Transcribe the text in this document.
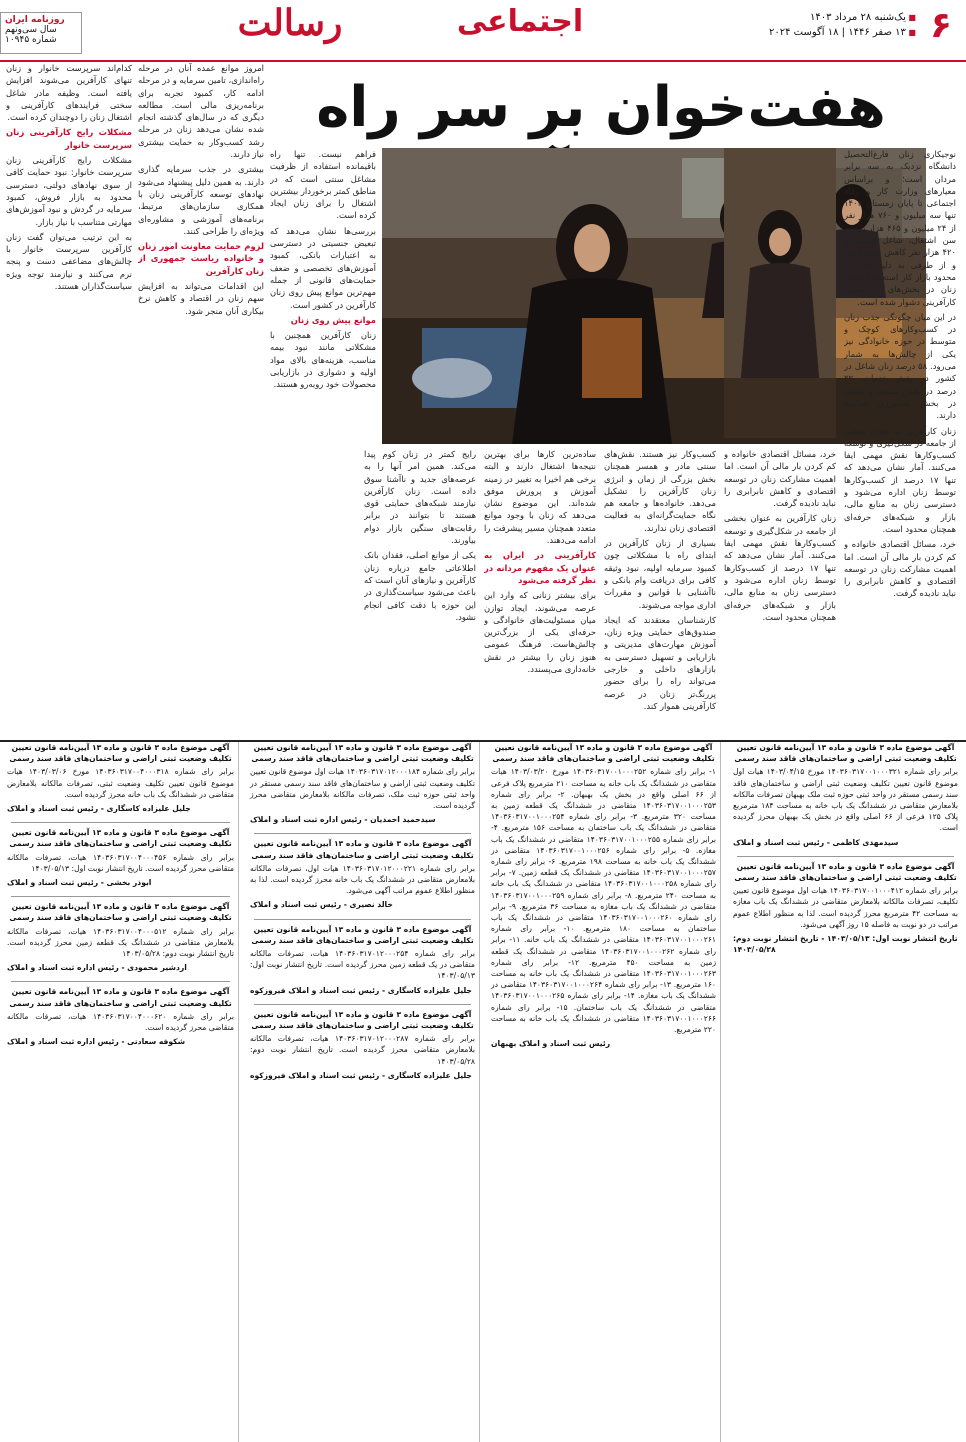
۶
■ یک‌شنبه ۲۸ مرداد ۱۴۰۳
■ ۱۳ صفر ۱۴۴۶ | ۱۸ آگوست ۲۰۲۴
اجتماعی
رسالت
روزنامه ایران
سال سی‌ونهم
شماره ۱۰۹۴۵
هفت‌خوان بر سر راه

نوجیکاری زنان فارغ‌التحصیل دانشگاه نزدیک به سه برابر مردان است؛ و براساس معیارهای وزارت کار و رفاه اجتماعی تا پایان زمستان ۱۴۰۲ تنها سه میلیون و ۷۶۰ هزار نفر از ۲۴ میلیون و ۴۶۵ هزار زن در سن اشتغال، شاغل هستند و ۴۲۰ هزار نفر کاهش یافته است و از طرفی به دلیل ظرفیت محدود بازار کار استعداد اشتغال زنان در بخش‌های غیررسمی، کارآفرینی دشوار شده است.

در این میان چگونگی جذب زنان در کسب‌وکارهای کوچک و متوسط در حوزه خانوادگی نیز یکی از چالش‌ها به شمار می‌رود. ۵۸ درصد زنان شاغل در کشور در بخش خدمات، ۲۲ درصد در بخش صنعت و مابقی در بخش کشاورزی فعالیت دارند.

زنان کارآفرین به عنوان بخشی از جامعه در شکل‌گیری و توسعه کسب‌وکارها نقش مهمی ایفا می‌کنند. آمار نشان می‌دهد که تنها ۱۷ درصد از کسب‌وکارها توسط زنان اداره می‌شود و دسترسی زنان به منابع مالی، بازار و شبکه‌های حرفه‌ای همچنان محدود است.

خرد، مسائل اقتصادی خانواده و کم کردن بار مالی آن است. اما اهمیت مشارکت زنان در توسعه اقتصادی و کاهش نابرابری را نباید نادیده گرفت.

کسب‌وکار نیز هستند. نقش‌های سنتی مادر و همسر همچنان بخش بزرگی از زمان و انرژی زنان کارآفرین را تشکیل می‌دهد. خانواده‌ها و جامعه هم نگاه حمایت‌گرانه‌ای به فعالیت اقتصادی زنان ندارند.

بسیاری از زنان کارآفرین در ابتدای راه با مشکلاتی چون کمبود سرمایه اولیه، نبود وثیقه کافی برای دریافت وام بانکی و ناآشنایی با قوانین و مقررات اداری مواجه می‌شوند.

کارشناسان معتقدند که ایجاد صندوق‌های حمایتی ویژه زنان، آموزش مهارت‌های مدیریتی و بازاریابی و تسهیل دسترسی به بازارهای داخلی و خارجی می‌تواند راه را برای حضور پررنگ‌تر زنان در عرصه کارآفرینی هموار کند.

خرد، مسائل اقتصادی خانواده و کم کردن بار مالی آن است. اما اهمیت مشارکت زنان در توسعه اقتصادی و کاهش نابرابری را نباید نادیده گرفت.

زنان کارآفرین به عنوان بخشی از جامعه در شکل‌گیری و توسعه کسب‌وکارها نقش مهمی ایفا می‌کنند. آمار نشان می‌دهد که تنها ۱۷ درصد از کسب‌وکارها توسط زنان اداره می‌شود و دسترسی زنان به منابع مالی، بازار و شبکه‌های حرفه‌ای همچنان محدود است.

ساده‌ترین کارها برای بهترین نتیجه‌ها اشتغال دارند و البته برخی هم اخیرا به تغییر در زمینه آموزش و پرورش موفق شده‌اند. این موضوع نشان می‌دهد که زنان با وجود موانع متعدد همچنان مسیر پیشرفت را ادامه می‌دهند.

کارآفرینی در ایران به عنوان یک مفهوم مردانه در نظر گرفته می‌شود

برای بیشتر زنانی که وارد این عرصه می‌شوند، ایجاد توازن میان مسئولیت‌های خانوادگی و حرفه‌ای یکی از بزرگ‌ترین چالش‌هاست. فرهنگ عمومی هنوز زنان را بیشتر در نقش خانه‌داری می‌پسندد.

رایج کمتر در زنان کوم پیدا می‌کند. همین امر آنها را به عرصه‌های جدید و ناآشنا سوق داده است. زنان کارآفرین نیازمند شبکه‌های حمایتی قوی هستند تا بتوانند در برابر رقابت‌های سنگین بازار دوام بیاورند.

یکی از موانع اصلی، فقدان بانک اطلاعاتی جامع درباره زنان کارآفرین و نیازهای آنان است که باعث می‌شود سیاست‌گذاری در این حوزه با دقت کافی انجام نشود.

فراهم نیست. تنها راه باقیمانده استفاده از ظرفیت مشاغل سنتی است که در مناطق کمتر برخوردار بیشترین اشتغال را برای زنان ایجاد کرده است.

بررسی‌ها نشان می‌دهد که تبعیض جنسیتی در دسترسی به اعتبارات بانکی، کمبود آموزش‌های تخصصی و ضعف حمایت‌های قانونی از جمله مهم‌ترین موانع پیش روی زنان کارآفرین در کشور است.

موانع پیش روی زنان

زنان کارآفرین همچنین با مشکلاتی مانند نبود بیمه مناسب، هزینه‌های بالای مواد اولیه و دشواری در بازاریابی محصولات خود روبه‌رو هستند.

امروز موانع عمده آنان در مرحله راه‌اندازی، تامین سرمایه و در مرحله ادامه کار، کمبود تجربه برای برنامه‌ریزی مالی است. مطالعه دیگری که در سال‌های گذشته انجام شده نشان می‌دهد زنان در مرحله رشد کسب‌وکار به حمایت بیشتری نیاز دارند.

بیشتری در جذب سرمایه گذاری دارند. به همین دلیل پیشنهاد می‌شود نهادهای توسعه کارآفرینی زنان با همکاری سازمان‌های مرتبط، برنامه‌های آموزشی و مشاوره‌ای ویژه‌ای را طراحی کنند.

لزوم حمایت معاونت امور زنان و خانواده ریاست جمهوری از زنان کارآفرین

این اقدامات می‌تواند به افزایش سهم زنان در اقتصاد و کاهش نرخ بیکاری آنان منجر شود.

کدام‌اند سرپرست خانوار و زنان تنهای کارآفرین می‌شوند افزایش یافته است. وظیفه مادر شاغل سختی فرایندهای کارآفرینی و اشتغال زنان را دوچندان کرده است.

مشکلات رایج کارآفرینی زنان سرپرست خانوار

مشکلات رایج کارآفرینی زنان سرپرست خانوار: نبود حمایت کافی از سوی نهادهای دولتی، دسترسی محدود به بازار فروش، کمبود سرمایه در گردش و نبود آموزش‌های مهارتی متناسب با نیاز بازار.

به این ترتیب می‌توان گفت زنان کارآفرین سرپرست خانوار با چالش‌های مضاعفی دست و پنجه نرم می‌کنند و نیازمند توجه ویژه سیاست‌گذاران هستند.

آگهی موضوع ماده ۳ قانون و ماده ۱۳ آیین‌نامه قانون تعیین تکلیف وضعیت ثبتی اراضی و ساختمان‌های فاقد سند رسمی
برابر رای شماره ۱۴۰۳۶۰۳۱۷۰۰۱۰۰۰۳۲۱ مورخ ۱۴۰۳/۰۴/۱۵ هیات اول موضوع قانون تعیین تکلیف وضعیت ثبتی اراضی و ساختمان‌های فاقد سند رسمی مستقر در واحد ثبتی حوزه ثبت ملک بهبهان تصرفات مالکانه بلامعارض متقاضی در ششدانگ یک باب خانه به مساحت ۱۸۴ مترمربع پلاک ۱۲۵ فرعی از ۶۶ اصلی واقع در بخش یک بهبهان محرز گردیده است.
سیدمهدی کاظمی - رئیس ثبت اسناد و املاک
آگهی موضوع ماده ۳ قانون و ماده ۱۳ آیین‌نامه قانون تعیین تکلیف وضعیت ثبتی اراضی و ساختمان‌های فاقد سند رسمی
برابر رای شماره ۱۴۰۳۶۰۳۱۷۰۰۱۰۰۰۴۱۲ هیات اول موضوع قانون تعیین تکلیف، تصرفات مالکانه بلامعارض متقاضی در ششدانگ یک باب مغازه به مساحت ۴۲ مترمربع محرز گردیده است. لذا به منظور اطلاع عموم مراتب در دو نوبت به فاصله ۱۵ روز آگهی می‌شود.
تاریخ انتشار نوبت اول: ۱۴۰۳/۰۵/۱۳ - تاریخ انتشار نوبت دوم: ۱۴۰۳/۰۵/۲۸
آگهی موضوع ماده ۳ قانون و ماده ۱۳ آیین‌نامه قانون تعیین تکلیف وضعیت ثبتی اراضی و ساختمان‌های فاقد سند رسمی
۱- برابر رای شماره ۱۴۰۳۶۰۳۱۷۰۰۱۰۰۰۲۵۲ مورخ ۱۴۰۳/۰۳/۲۰ هیات متقاضی در ششدانگ یک باب خانه به مساحت ۲۱۰ مترمربع پلاک فرعی از ۶۶ اصلی واقع در بخش یک بهبهان. ۲- برابر رای شماره ۱۴۰۳۶۰۳۱۷۰۰۱۰۰۰۲۵۳ متقاضی در ششدانگ یک قطعه زمین به مساحت ۳۲۰ مترمربع. ۳- برابر رای شماره ۱۴۰۳۶۰۳۱۷۰۰۱۰۰۰۲۵۴ متقاضی در ششدانگ یک باب ساختمان به مساحت ۱۵۶ مترمربع. ۴- برابر رای شماره ۱۴۰۳۶۰۳۱۷۰۰۱۰۰۰۲۵۵ متقاضی در ششدانگ یک باب مغازه. ۵- برابر رای شماره ۱۴۰۳۶۰۳۱۷۰۰۱۰۰۰۲۵۶ متقاضی در ششدانگ یک باب خانه به مساحت ۱۹۸ مترمربع. ۶- برابر رای شماره ۱۴۰۳۶۰۳۱۷۰۰۱۰۰۰۲۵۷ متقاضی در ششدانگ یک قطعه زمین. ۷- برابر رای شماره ۱۴۰۳۶۰۳۱۷۰۰۱۰۰۰۲۵۸ متقاضی در ششدانگ یک باب خانه به مساحت ۲۴۰ مترمربع. ۸- برابر رای شماره ۱۴۰۳۶۰۳۱۷۰۰۱۰۰۰۲۵۹ متقاضی در ششدانگ یک باب مغازه به مساحت ۳۶ مترمربع. ۹- برابر رای شماره ۱۴۰۳۶۰۳۱۷۰۰۱۰۰۰۲۶۰ متقاضی در ششدانگ یک باب ساختمان به مساحت ۱۸۰ مترمربع. ۱۰- برابر رای شماره ۱۴۰۳۶۰۳۱۷۰۰۱۰۰۰۲۶۱ متقاضی در ششدانگ یک باب خانه. ۱۱- برابر رای شماره ۱۴۰۳۶۰۳۱۷۰۰۱۰۰۰۲۶۲ متقاضی در ششدانگ یک قطعه زمین به مساحت ۴۵۰ مترمربع. ۱۲- برابر رای شماره ۱۴۰۳۶۰۳۱۷۰۰۱۰۰۰۲۶۳ متقاضی در ششدانگ یک باب خانه به مساحت ۱۶۰ مترمربع. ۱۳- برابر رای شماره ۱۴۰۳۶۰۳۱۷۰۰۱۰۰۰۲۶۴ متقاضی در ششدانگ یک باب مغازه. ۱۴- برابر رای شماره ۱۴۰۳۶۰۳۱۷۰۰۱۰۰۰۲۶۵ متقاضی در ششدانگ یک باب ساختمان. ۱۵- برابر رای شماره ۱۴۰۳۶۰۳۱۷۰۰۱۰۰۰۲۶۶ متقاضی در ششدانگ یک باب خانه به مساحت ۲۲۰ مترمربع.
رئیس ثبت اسناد و املاک بهبهان
آگهی موضوع ماده ۳ قانون و ماده ۱۳ آیین‌نامه قانون تعیین تکلیف وضعیت ثبتی اراضی و ساختمان‌های فاقد سند رسمی
برابر رای شماره ۱۴۰۳۶۰۳۱۷۰۱۲۰۰۰۱۸۴ هیات اول موضوع قانون تعیین تکلیف وضعیت ثبتی اراضی و ساختمان‌های فاقد سند رسمی مستقر در واحد ثبتی حوزه ثبت ملک، تصرفات مالکانه بلامعارض متقاضی محرز گردیده است.
سیدحمید احمدیان - رئیس اداره ثبت اسناد و املاک
آگهی موضوع ماده ۳ قانون و ماده ۱۳ آیین‌نامه قانون تعیین تکلیف وضعیت ثبتی اراضی و ساختمان‌های فاقد سند رسمی
برابر رای شماره ۱۴۰۳۶۰۳۱۷۰۱۲۰۰۰۲۲۱ هیات اول، تصرفات مالکانه بلامعارض متقاضی در ششدانگ یک باب خانه محرز گردیده است. لذا به منظور اطلاع عموم مراتب آگهی می‌شود.
خالد نصیری - رئیس ثبت اسناد و املاک
آگهی موضوع ماده ۳ قانون و ماده ۱۳ آیین‌نامه قانون تعیین تکلیف وضعیت ثبتی اراضی و ساختمان‌های فاقد سند رسمی
برابر رای شماره ۱۴۰۳۶۰۳۱۷۰۱۲۰۰۰۲۵۴ هیات، تصرفات مالکانه متقاضی در یک قطعه زمین محرز گردیده است. تاریخ انتشار نوبت اول: ۱۴۰۳/۰۵/۱۳
جلیل علیزاده کاسگاری - رئیس ثبت اسناد و املاک فیروزکوه
آگهی موضوع ماده ۳ قانون و ماده ۱۳ آیین‌نامه قانون تعیین تکلیف وضعیت ثبتی اراضی و ساختمان‌های فاقد سند رسمی
برابر رای شماره ۱۴۰۳۶۰۳۱۷۰۱۲۰۰۰۲۸۷ هیات، تصرفات مالکانه بلامعارض متقاضی محرز گردیده است. تاریخ انتشار نوبت دوم: ۱۴۰۳/۰۵/۲۸
جلیل علیزاده کاسگاری - رئیس ثبت اسناد و املاک فیروزکوه
آگهی موضوع ماده ۳ قانون و ماده ۱۳ آیین‌نامه قانون تعیین تکلیف وضعیت ثبتی اراضی و ساختمان‌های فاقد سند رسمی
برابر رای شماره ۱۴۰۳۶۰۳۱۷۰۰۴۰۰۰۳۱۸ مورخ ۱۴۰۳/۰۳/۰۶ هیات موضوع قانون تعیین تکلیف وضعیت ثبتی، تصرفات مالکانه بلامعارض متقاضی در ششدانگ یک باب خانه محرز گردیده است.
جلیل علیزاده کاسگاری - رئیس ثبت اسناد و املاک
آگهی موضوع ماده ۳ قانون و ماده ۱۳ آیین‌نامه قانون تعیین تکلیف وضعیت ثبتی اراضی و ساختمان‌های فاقد سند رسمی
برابر رای شماره ۱۴۰۳۶۰۳۱۷۰۰۴۰۰۰۴۵۶ هیات، تصرفات مالکانه متقاضی محرز گردیده است. تاریخ انتشار نوبت اول: ۱۴۰۳/۰۵/۱۳
ابوذر بخشی - رئیس ثبت اسناد و املاک
آگهی موضوع ماده ۳ قانون و ماده ۱۳ آیین‌نامه قانون تعیین تکلیف وضعیت ثبتی اراضی و ساختمان‌های فاقد سند رسمی
برابر رای شماره ۱۴۰۳۶۰۳۱۷۰۰۴۰۰۰۵۱۲ هیات، تصرفات مالکانه بلامعارض متقاضی در ششدانگ یک قطعه زمین محرز گردیده است. تاریخ انتشار نوبت دوم: ۱۴۰۳/۰۵/۲۸
اردشیر محمودی - رئیس اداره ثبت اسناد و املاک
آگهی موضوع ماده ۳ قانون و ماده ۱۳ آیین‌نامه قانون تعیین تکلیف وضعیت ثبتی اراضی و ساختمان‌های فاقد سند رسمی
برابر رای شماره ۱۴۰۳۶۰۳۱۷۰۰۴۰۰۰۶۲۰ هیات، تصرفات مالکانه متقاضی محرز گردیده است.
شکوفه سعادتی - رئیس اداره ثبت اسناد و املاک
